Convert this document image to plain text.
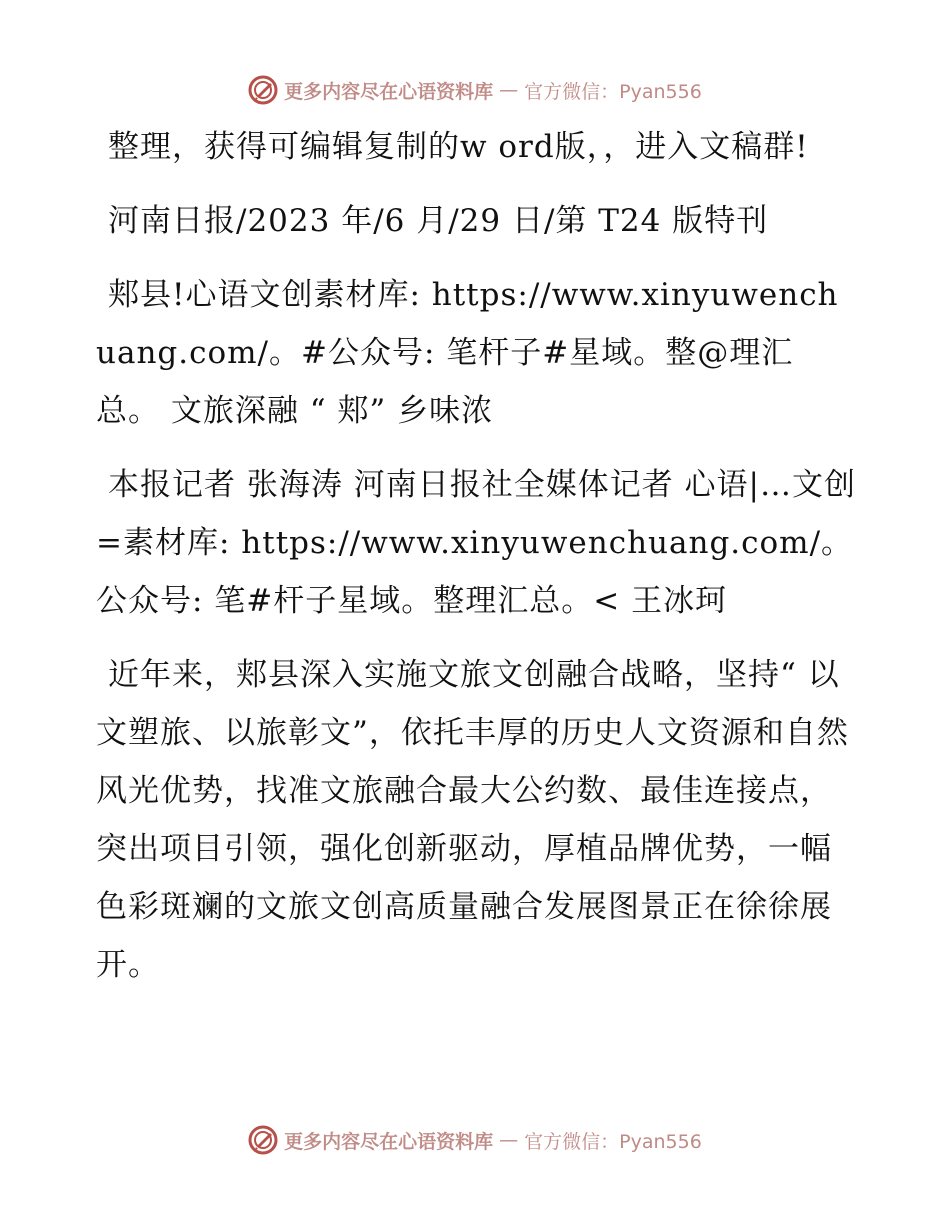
更多内容尽在心语资料库 — 官方微信：Pyan556

整理，获得可编辑复制的w ord版，，进入文稿群!

河南日报/2023 年/6 月/29 日/第 T24 版特刊

郏县!心语文创素材库: https://www.xinyuwenchuang.com/。#公众号: 笔杆子#星域。整@理汇总。 文旅深融 “ 郏” 乡味浓

本报记者 张海涛 河南日报社全媒体记者 心语|…文创=素材库: https://www.xinyuwenchuang.com/。公众号: 笔#杆子星域。整理汇总。< 王冰珂

近年来，郏县深入实施文旅文创融合战略，坚持“ 以文塑旅、以旅彰文”，依托丰厚的历史人文资源和自然风光优势，找准文旅融合最大公约数、最佳连接点，突出项目引领，强化创新驱动，厚植品牌优势，一幅色彩斑斓的文旅文创高质量融合发展图景正在徐徐展开。

更多内容尽在心语资料库 — 官方微信：Pyan556
